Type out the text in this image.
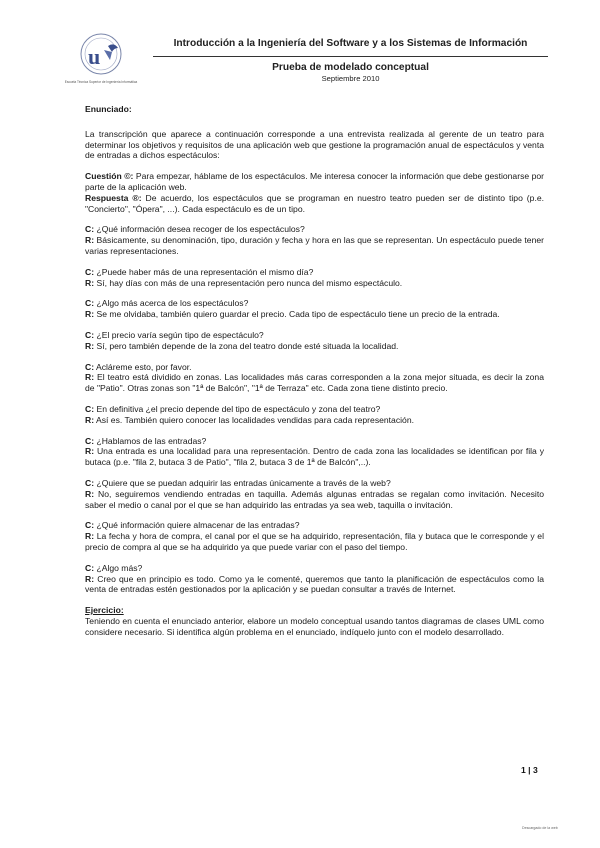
u
Escuela Técnica Superior de Ingeniería Informática
Introducción a la Ingeniería del Software y a los Sistemas de Información
Prueba de modelado conceptual
Septiembre 2010

Enunciado:

La transcripción que aparece a continuación corresponde a una entrevista realizada al gerente de un teatro para determinar los objetivos y requisitos de una aplicación web que gestione la programación anual de espectáculos y venta de entradas a dichos espectáculos:

Cuestión ©: Para empezar, háblame de los espectáculos. Me interesa conocer la información que debe gestionarse por parte de la aplicación web.

Respuesta ®: De acuerdo, los espectáculos que se programan en nuestro teatro pueden ser de distinto tipo (p.e. "Concierto", "Ópera", ...). Cada espectáculo es de un tipo.

C: ¿Qué información desea recoger de los espectáculos?

R: Básicamente, su denominación, tipo, duración y fecha y hora en las que se representan. Un espectáculo puede tener varias representaciones.

C: ¿Puede haber más de una representación el mismo día?

R: Sí, hay días con más de una representación pero nunca del mismo espectáculo.

C: ¿Algo más acerca de los espectáculos?

R: Se me olvidaba, también quiero guardar el precio. Cada tipo de espectáculo tiene un precio de la entrada.

C: ¿El precio varía según tipo de espectáculo?

R: Sí, pero también depende de la zona del teatro donde esté situada la localidad.

C: Acláreme esto, por favor.

R: El teatro está dividido en zonas. Las localidades más caras corresponden a la zona mejor situada, es decir la zona de "Patio". Otras zonas son "1ª de Balcón", "1ª de Terraza" etc. Cada zona tiene distinto precio.

C: En definitiva ¿el precio depende del tipo de espectáculo y zona del teatro?

R: Así es. También quiero conocer las localidades vendidas para cada representación.

C: ¿Hablamos de las entradas?

R: Una entrada es una localidad para una representación. Dentro de cada zona las localidades se identifican por fila y butaca (p.e. "fila 2, butaca 3 de Patio", "fila 2, butaca 3 de 1ª de Balcón",..).

C: ¿Quiere que se puedan adquirir las entradas únicamente a través de la web?

R: No, seguiremos vendiendo entradas en taquilla. Además algunas entradas se regalan como invitación. Necesito saber el medio o canal por el que se han adquirido las entradas ya sea web, taquilla o invitación.

C: ¿Qué información quiere almacenar de las entradas?

R: La fecha y hora de compra, el canal por el que se ha adquirido, representación, fila y butaca que le corresponde y el precio de compra al que se ha adquirido ya que puede variar con el paso del tiempo.

C: ¿Algo más?

R: Creo que en principio es todo. Como ya le comenté, queremos que tanto la planificación de espectáculos como la venta de entradas estén gestionados por la aplicación y se puedan consultar a través de Internet.

Ejercicio:

Teniendo en cuenta el enunciado anterior, elabore un modelo conceptual usando tantos diagramas de clases UML como considere necesario. Si identifica algún problema en el enunciado, indíquelo junto con el modelo desarrollado.

1 | 3
Descargado de la web
